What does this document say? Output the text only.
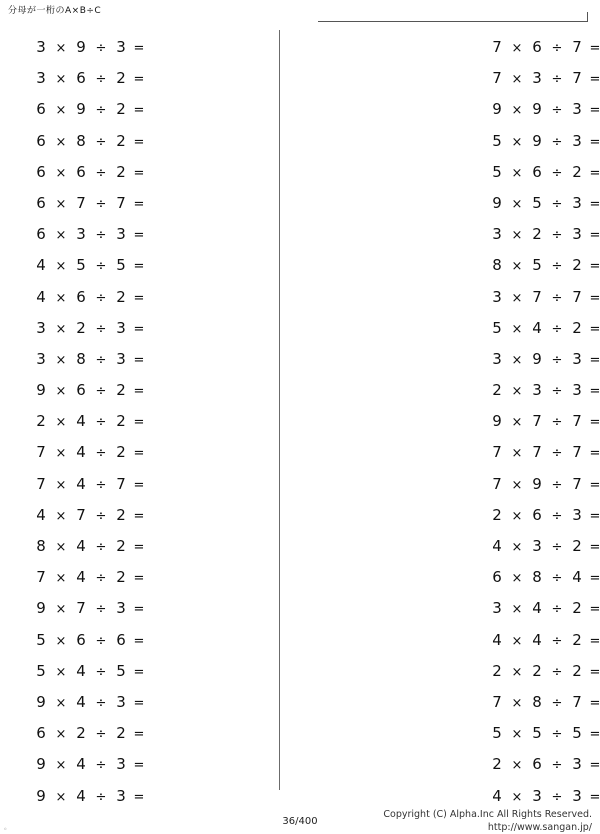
分母が一桁のA×B÷C
3 × 9 ÷ 3 =
3 × 6 ÷ 2 =
6 × 9 ÷ 2 =
6 × 8 ÷ 2 =
6 × 6 ÷ 2 =
6 × 7 ÷ 7 =
6 × 3 ÷ 3 =
4 × 5 ÷ 5 =
4 × 6 ÷ 2 =
3 × 2 ÷ 3 =
3 × 8 ÷ 3 =
9 × 6 ÷ 2 =
2 × 4 ÷ 2 =
7 × 4 ÷ 2 =
7 × 4 ÷ 7 =
4 × 7 ÷ 2 =
8 × 4 ÷ 2 =
7 × 4 ÷ 2 =
9 × 7 ÷ 3 =
5 × 6 ÷ 6 =
5 × 4 ÷ 5 =
9 × 4 ÷ 3 =
6 × 2 ÷ 2 =
9 × 4 ÷ 3 =
9 × 4 ÷ 3 =
7 × 6 ÷ 7 =
7 × 3 ÷ 7 =
9 × 9 ÷ 3 =
5 × 9 ÷ 3 =
5 × 6 ÷ 2 =
9 × 5 ÷ 3 =
3 × 2 ÷ 3 =
8 × 5 ÷ 2 =
3 × 7 ÷ 7 =
5 × 4 ÷ 2 =
3 × 9 ÷ 3 =
2 × 3 ÷ 3 =
9 × 7 ÷ 7 =
7 × 7 ÷ 7 =
7 × 9 ÷ 7 =
2 × 6 ÷ 3 =
4 × 3 ÷ 2 =
6 × 8 ÷ 4 =
3 × 4 ÷ 2 =
4 × 4 ÷ 2 =
2 × 2 ÷ 2 =
7 × 8 ÷ 7 =
5 × 5 ÷ 5 =
2 × 6 ÷ 3 =
4 × 3 ÷ 3 =
36/400
Copyright (C) Alpha.Inc All Rights Reserved.
http://www.sangan.jp/
。
